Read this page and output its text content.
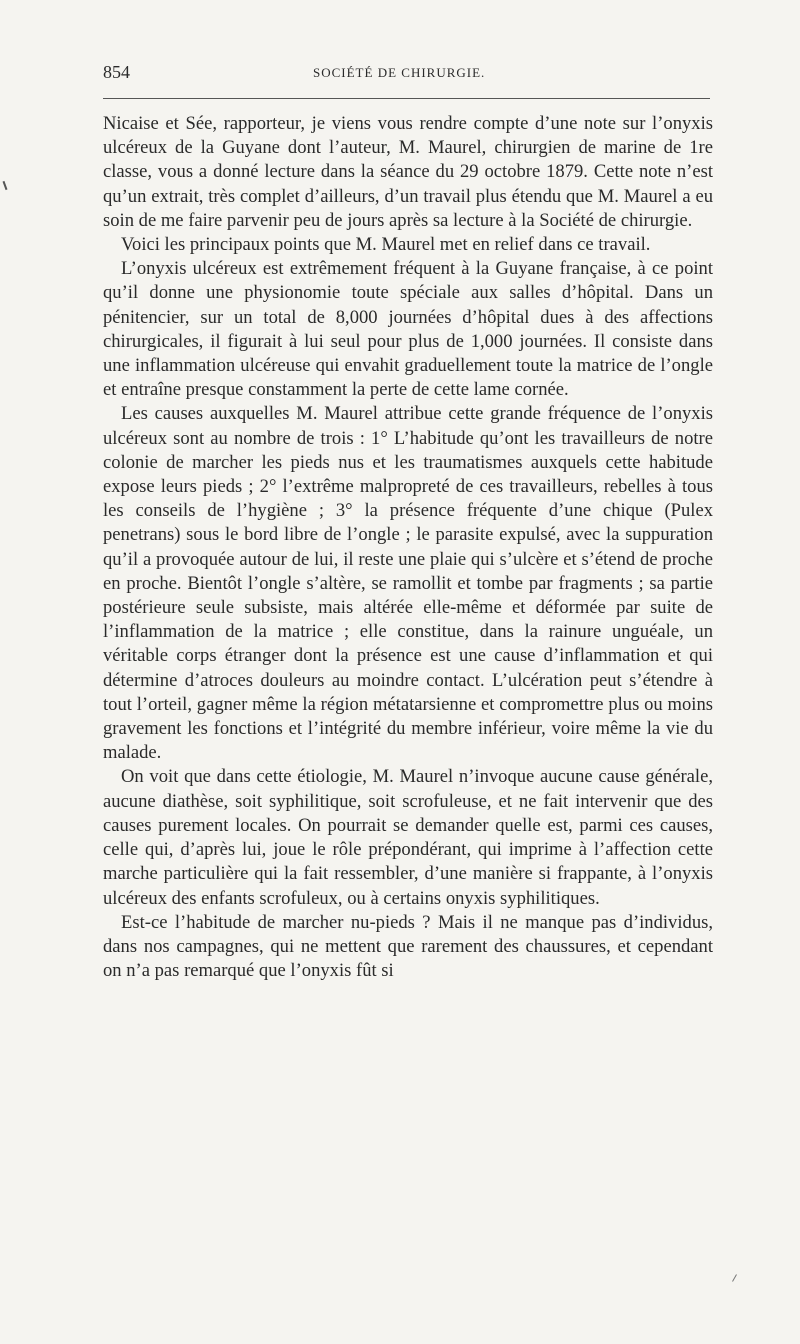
854	SOCIÉTÉ DE CHIRURGIE.

Nicaise et Sée, rapporteur, je viens vous rendre compte d’une note sur l’onyxis ulcéreux de la Guyane dont l’auteur, M. Maurel, chirurgien de marine de 1re classe, vous a donné lecture dans la séance du 29 octobre 1879. Cette note n’est qu’un extrait, très complet d’ailleurs, d’un travail plus étendu que M. Maurel a eu soin de me faire parvenir peu de jours après sa lecture à la Société de chirurgie.

Voici les principaux points que M. Maurel met en relief dans ce travail.

L’onyxis ulcéreux est extrêmement fréquent à la Guyane française, à ce point qu’il donne une physionomie toute spéciale aux salles d’hôpital. Dans un pénitencier, sur un total de 8,000 journées d’hôpital dues à des affections chirurgicales, il figurait à lui seul pour plus de 1,000 journées. Il consiste dans une inflammation ulcéreuse qui envahit graduellement toute la matrice de l’ongle et entraîne presque constamment la perte de cette lame cornée.

Les causes auxquelles M. Maurel attribue cette grande fréquence de l’onyxis ulcéreux sont au nombre de trois : 1° L’habitude qu’ont les travailleurs de notre colonie de marcher les pieds nus et les traumatismes auxquels cette habitude expose leurs pieds ; 2° l’extrême malpropreté de ces travailleurs, rebelles à tous les conseils de l’hygiène ; 3° la présence fréquente d’une chique (Pulex penetrans) sous le bord libre de l’ongle ; le parasite expulsé, avec la suppuration qu’il a provoquée autour de lui, il reste une plaie qui s’ulcère et s’étend de proche en proche. Bientôt l’ongle s’altère, se ramollit et tombe par fragments ; sa partie postérieure seule subsiste, mais altérée elle-même et déformée par suite de l’inflammation de la matrice ; elle constitue, dans la rainure unguéale, un véritable corps étranger dont la présence est une cause d’inflammation et qui détermine d’atroces douleurs au moindre contact. L’ulcération peut s’étendre à tout l’orteil, gagner même la région métatarsienne et compromettre plus ou moins gravement les fonctions et l’intégrité du membre inférieur, voire même la vie du malade.

On voit que dans cette étiologie, M. Maurel n’invoque aucune cause générale, aucune diathèse, soit syphilitique, soit scrofuleuse, et ne fait intervenir que des causes purement locales. On pourrait se demander quelle est, parmi ces causes, celle qui, d’après lui, joue le rôle prépondérant, qui imprime à l’affection cette marche particulière qui la fait ressembler, d’une manière si frappante, à l’onyxis ulcéreux des enfants scrofuleux, ou à certains onyxis syphilitiques.

Est-ce l’habitude de marcher nu-pieds ? Mais il ne manque pas d’individus, dans nos campagnes, qui ne mettent que rarement des chaussures, et cependant on n’a pas remarqué que l’onyxis fût si
